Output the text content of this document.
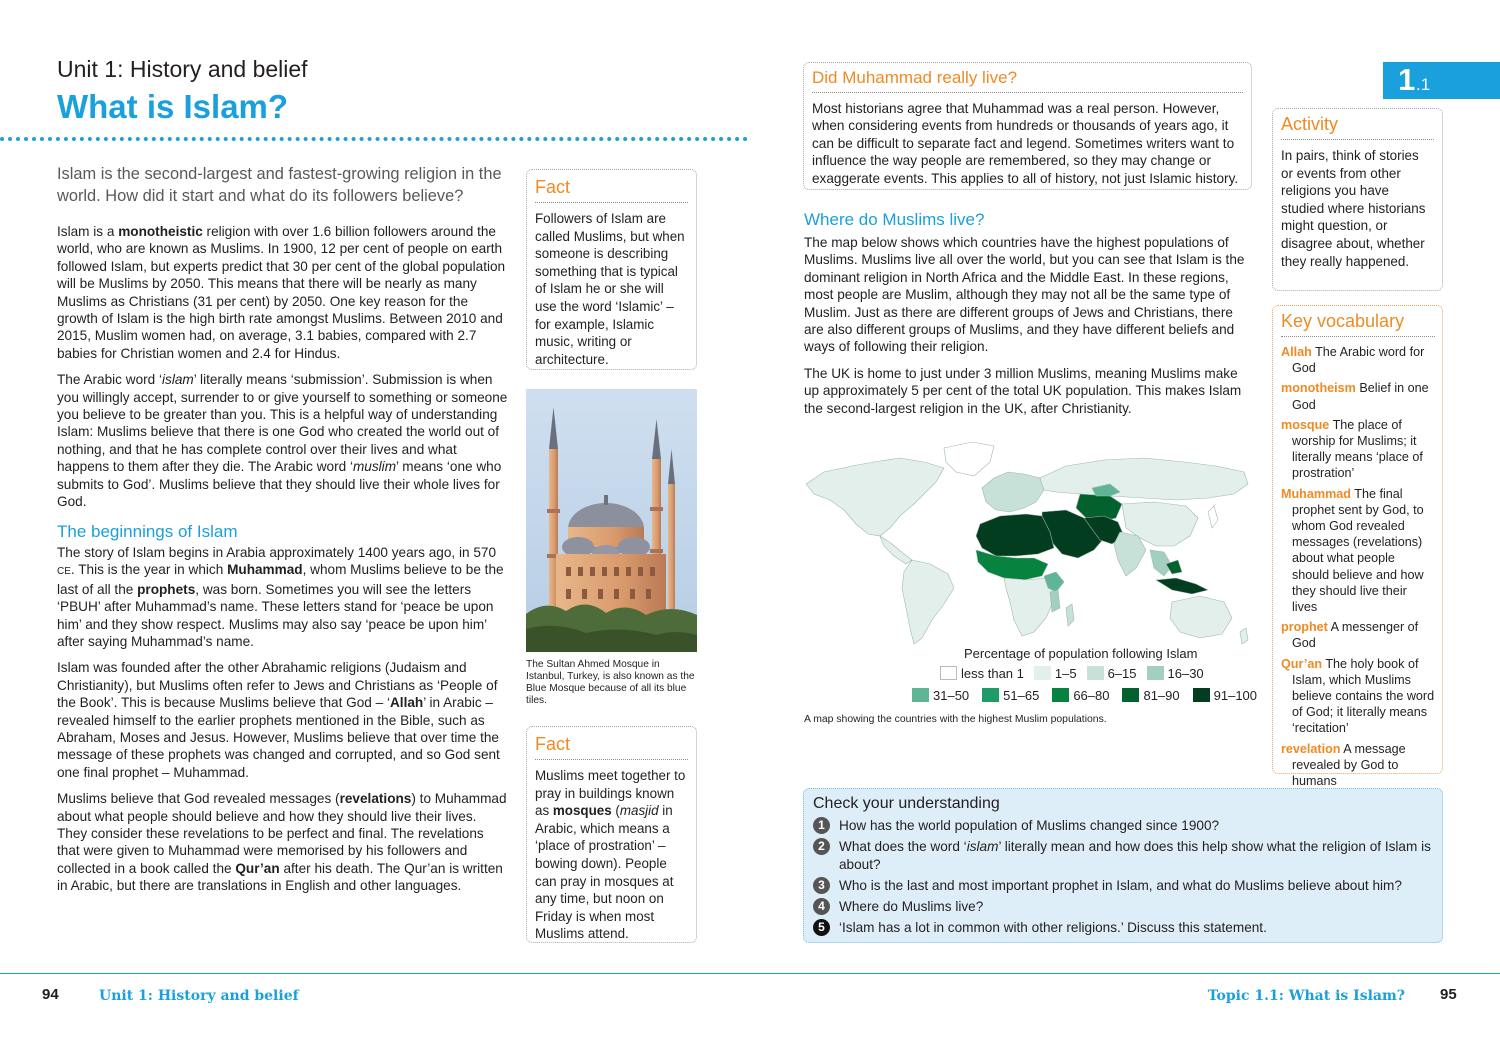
Unit 1: History and belief
What is Islam?
Islam is the second-largest and fastest-growing religion in the world. How did it start and what do its followers believe?

Islam is a monotheistic religion with over 1.6 billion followers around the world, who are known as Muslims. In 1900, 12 per cent of people on earth followed Islam, but experts predict that 30 per cent of the global population will be Muslims by 2050. This means that there will be nearly as many Muslims as Christians (31 per cent) by 2050. One key reason for the growth of Islam is the high birth rate amongst Muslims. Between 2010 and 2015, Muslim women had, on average, 3.1 babies, compared with 2.7 babies for Christian women and 2.4 for Hindus.

The Arabic word ‘islam’ literally means ‘submission’. Submission is when you willingly accept, surrender to or give yourself to something or someone you believe to be greater than you. This is a helpful way of understanding Islam: Muslims believe that there is one God who created the world out of nothing, and that he has complete control over their lives and what happens to them after they die. The Arabic word ‘muslim’ means ‘one who submits to God’. Muslims believe that they should live their whole lives for God.

The beginnings of Islam

The story of Islam begins in Arabia approximately 1400 years ago, in 570 CE. This is the year in which Muhammad, whom Muslims believe to be the last of all the prophets, was born. Sometimes you will see the letters ‘PBUH’ after Muhammad’s name. These letters stand for ‘peace be upon him’ and they show respect. Muslims may also say ‘peace be upon him’ after saying Muhammad’s name.

Islam was founded after the other Abrahamic religions (Judaism and Christianity), but Muslims often refer to Jews and Christians as ‘People of the Book’. This is because Muslims believe that God – ‘Allah’ in Arabic – revealed himself to the earlier prophets mentioned in the Bible, such as Abraham, Moses and Jesus. However, Muslims believe that over time the message of these prophets was changed and corrupted, and so God sent one final prophet – Muhammad.

Muslims believe that God revealed messages (revelations) to Muhammad about what people should believe and how they should live their lives. They consider these revelations to be perfect and final. The revelations that were given to Muhammad were memorised by his followers and collected in a book called the Qur’an after his death. The Qur’an is written in Arabic, but there are translations in English and other languages.

Fact
Followers of Islam are called Muslims, but when someone is describing something that is typical of Islam he or she will use the word ‘Islamic’ – for example, Islamic music, writing or architecture.
The Sultan Ahmed Mosque in Istanbul, Turkey, is also known as the Blue Mosque because of all its blue tiles.
Fact
Muslims meet together to pray in buildings known as mosques (masjid in Arabic, which means a ‘place of prostration’ – bowing down). People can pray in mosques at any time, but noon on Friday is when most Muslims attend.
Did Muhammad really live?
Most historians agree that Muhammad was a real person. However, when considering events from hundreds or thousands of years ago, it can be difficult to separate fact and legend. Sometimes writers want to influence the way people are remembered, so they may change or exaggerate events. This applies to all of history, not just Islamic history.
Where do Muslims live?

The map below shows which countries have the highest populations of Muslims. Muslims live all over the world, but you can see that Islam is the dominant religion in North Africa and the Middle East. In these regions, most people are Muslim, although they may not all be the same type of Muslim. Just as there are different groups of Jews and Christians, there are also different groups of Muslims, and they have different beliefs and ways of following their religion.

The UK is home to just under 3 million Muslims, meaning Muslims make up approximately 5 per cent of the total UK population. This makes Islam the second-largest religion in the UK, after Christianity.

Percentage of population following Islam
less than 1	1–5	6–15	16–30
31–50	51–65	66–80	81–90	91–100
A map showing the countries with the highest Muslim populations.
1 .1
Activity
In pairs, think of stories or events from other religions you have studied where historians might question, or disagree about, whether they really happened.
Key vocabulary
Allah The Arabic word for God
monotheism Belief in one God
mosque The place of worship for Muslims; it literally means ‘place of prostration’
Muhammad The final prophet sent by God, to whom God revealed messages (revelations) about what people should believe and how they should live their lives
prophet A messenger of God
Qur’an The holy book of Islam, which Muslims believe contains the word of God; it literally means ‘recitation’
revelation A message revealed by God to humans
Check your understanding
1	How has the world population of Muslims changed since 1900?
2	What does the word ‘islam’ literally mean and how does this help show what the religion of Islam is about?
3	Who is the last and most important prophet in Islam, and what do Muslims believe about him?
4	Where do Muslims live?
5	‘Islam has a lot in common with other religions.’ Discuss this statement.
94	Unit 1: History and belief	Topic 1.1: What is Islam? 95
